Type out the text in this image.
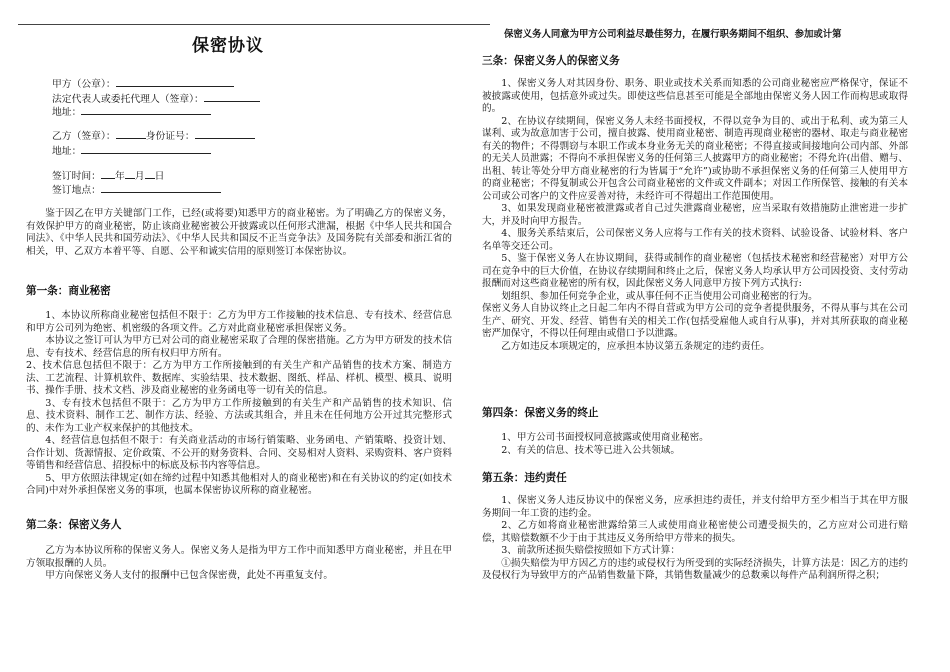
保密协议
甲方（公章）：
法定代表人或委托代理人（签章）：
地址：
乙方（签章）：	身份证号：
地址：
签订时间： 年 月 日
签订地点：

鉴于因乙在甲方关键部门工作，已经(或将要)知悉甲方的商业秘密。为了明确乙方的保密义务，有效保护甲方的商业秘密，防止该商业秘密被公开披露或以任何形式泄漏，根据《中华人民共和国合同法》、《中华人民共和国劳动法》、《中华人民共和国反不正当竞争法》及国务院有关部委和浙江省的相关，甲、乙双方本着平等、自愿、公平和诚实信用的原则签订本保密协议。

第一条：商业秘密

1、本协议所称商业秘密包括但不限于：乙方为甲方工作接触的技术信息、专有技术、经营信息和甲方公司列为绝密、机密级的各项文件。乙方对此商业秘密承担保密义务。

本协议之签订可认为甲方已对公司的商业秘密采取了合理的保密措施。乙方为甲方研发的技术信息、专有技术、经营信息的所有权归甲方所有。

2、技术信息包括但不限于：乙方为甲方工作所接触到的有关生产和产品销售的技术方案、制造方法、工艺流程、计算机软件、数据库、实验结果、技术数据、图纸、样品、样机、模型、模具、说明书、操作手册、技术文档、涉及商业秘密的业务函电等一切有关的信息。

3、专有技术包括但不限于：乙方为甲方工作所接触到的有关生产和产品销售的技术知识、信息、技术资料、制作工艺、制作方法、经验、方法或其组合，并且未在任何地方公开过其完整形式的、未作为工业产权来保护的其他技术。

4、经营信息包括但不限于：有关商业活动的市场行销策略、业务函电、产销策略、投资计划、合作计划、货源情报、定价政策、不公开的财务资料、合同、交易相对人资料、采购资料、客户资料等销售和经营信息、招投标中的标底及标书内容等信息。

5、甲方依照法律规定(如在缔约过程中知悉其他相对人的商业秘密)和在有关协议的约定(如技术合同)中对外承担保密义务的事项，也属本保密协议所称的商业秘密。

第二条：保密义务人

乙方为本协议所称的保密义务人。保密义务人是指为甲方工作中而知悉甲方商业秘密，并且在甲方领取报酬的人员。

甲方向保密义务人支付的报酬中已包含保密费，此处不再重复支付。

保密义务人同意为甲方公司利益尽最佳努力，在履行职务期间不组织、参加或计第
三条：保密义务人的保密义务

1、保密义务人对其因身份、职务、职业或技术关系而知悉的公司商业秘密应严格保守，保证不被披露或使用，包括意外或过失。即使这些信息甚至可能是全部地由保密义务人因工作而构思或取得的。

2、在协议存续期间，保密义务人未经书面授权，不得以竞争为目的、或出于私利、或为第三人谋利、或为故意加害于公司，擅自披露、使用商业秘密、制造再现商业秘密的器材、取走与商业秘密有关的物件；不得剽窃与本职工作或本身业务无关的商业秘密；不得直接或间接地向公司内部、外部的无关人员泄露；不得向不承担保密义务的任何第三人披露甲方的商业秘密；不得允许(出借、赠与、出租、转让等处分甲方商业秘密的行为皆属于“允许”)或协助不承担保密义务的任何第三人使用甲方的商业秘密；不得复制或公开包含公司商业秘密的文件或文件副本；对因工作所保管、接触的有关本公司或公司客户的文件应妥善对待，未经许可不得超出工作范围使用。

3、如果发现商业秘密被泄露或者自己过失泄露商业秘密，应当采取有效措施防止泄密进一步扩大，并及时向甲方报告。

4、服务关系结束后，公司保密义务人应将与工作有关的技术资料、试验设备、试验材料、客户名单等交还公司。

5、鉴于保密义务人在协议期间，获得或制作的商业秘密（包括技术秘密和经营秘密）对甲方公司在竞争中的巨大价值，在协议存续期间和终止之后，保密义务人均承认甲方公司因投资、支付劳动报酬而对这些商业秘密的所有权，因此保密义务人同意甲方按下列方式执行:

划组织、参加任何竞争企业，或从事任何不正当使用公司商业秘密的行为。

保密义务人自协议终止之日起二年内不得自营或为甲方公司的竞争者提供服务，不得从事与其在公司生产、研究、开发、经营、销售有关的相关工作(包括受雇他人或自行从事)，并对其所获取的商业秘密严加保守，不得以任何理由或借口予以泄露。

乙方如违反本项规定的，应承担本协议第五条规定的违约责任。

第四条：保密义务的终止

1、甲方公司书面授权同意披露或使用商业秘密。

2、有关的信息、技术等已进入公共领域。

第五条：违约责任

1、保密义务人违反协议中的保密义务，应承担违约责任，并支付给甲方至少相当于其在甲方服务期间一年工资的违约金。

2、乙方如将商业秘密泄露给第三人或使用商业秘密使公司遭受损失的，乙方应对公司进行赔偿，其赔偿数额不少于由于其违反义务所给甲方带来的损失。

3、前款所述损失赔偿按照如下方式计算：

①损失赔偿为甲方因乙方的违约或侵权行为所受到的实际经济损失，计算方法是：因乙方的违约及侵权行为导致甲方的产品销售数量下降，其销售数量减少的总数乘以每件产品利润所得之积；
